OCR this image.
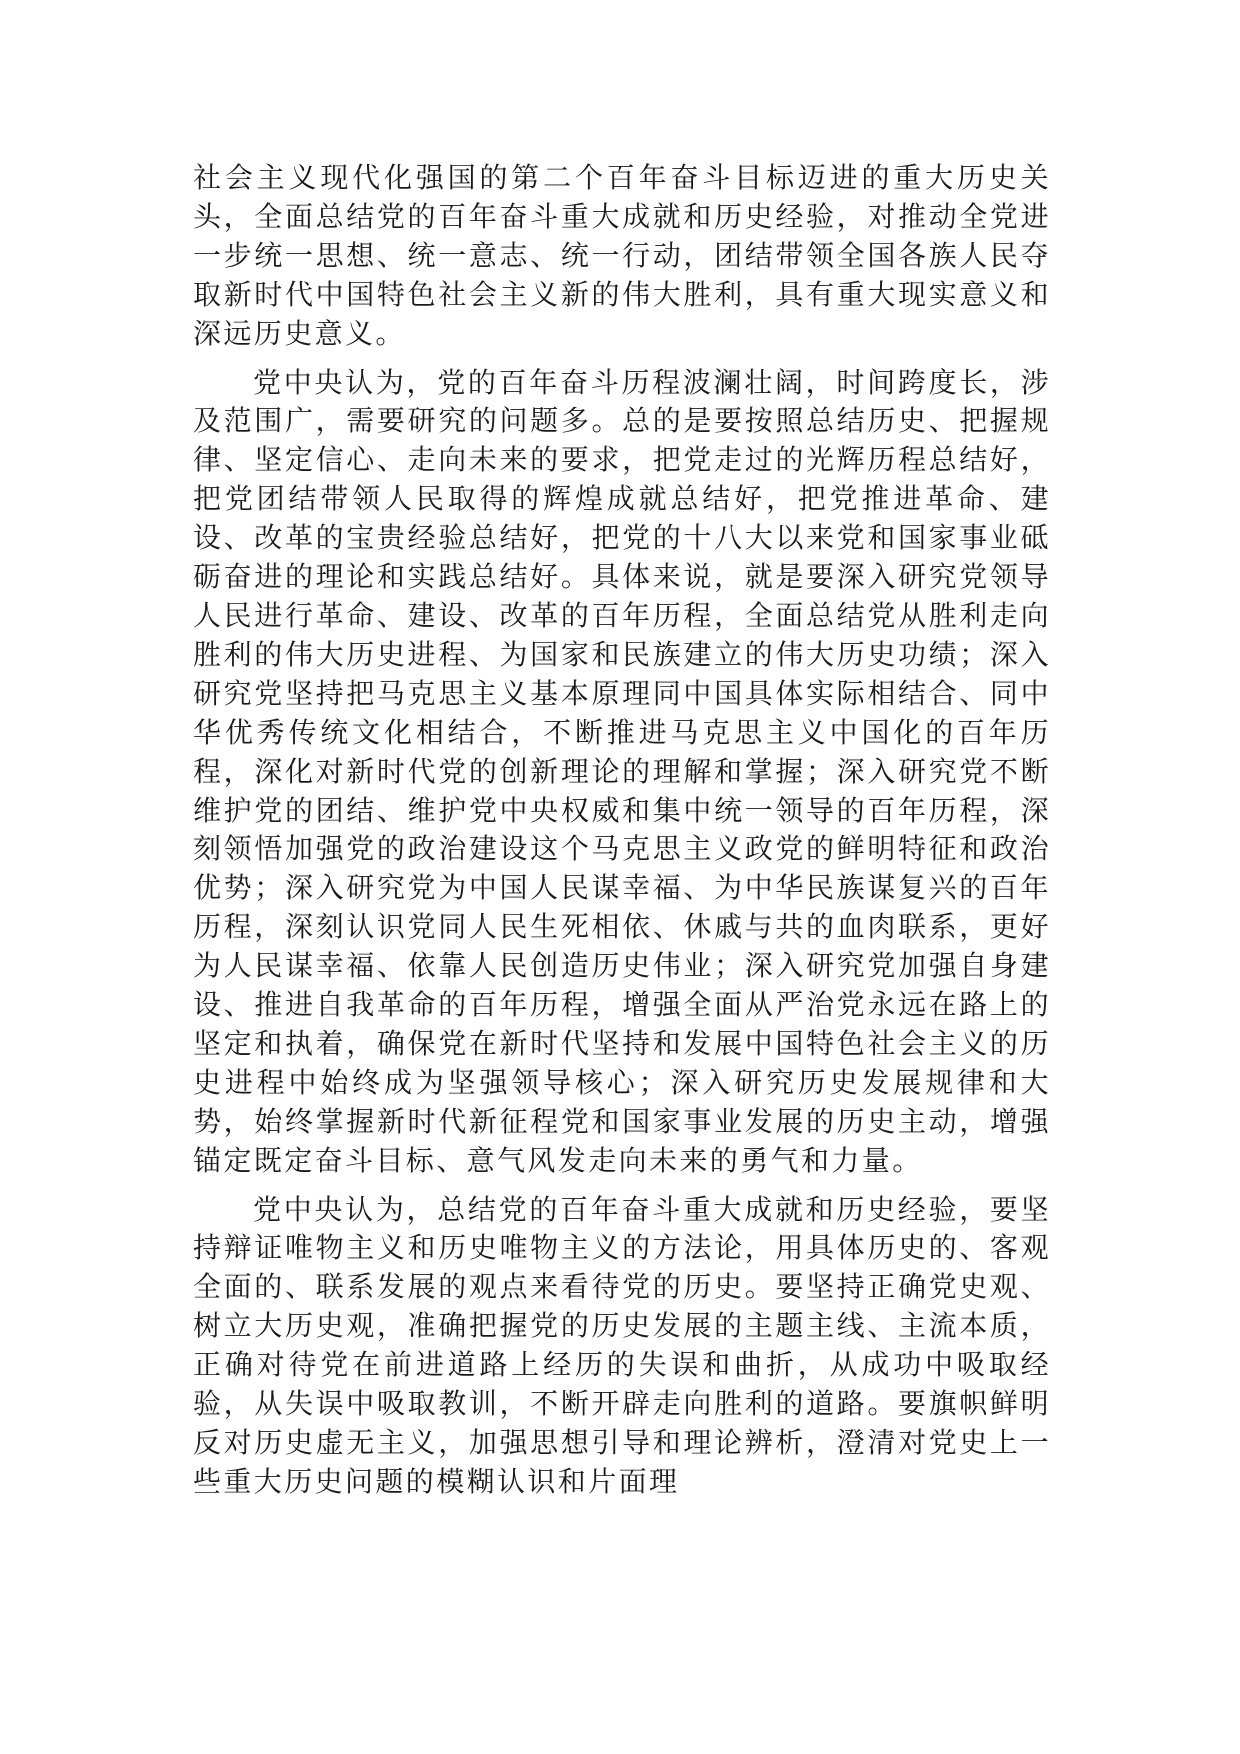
社会主义现代化强国的第二个百年奋斗目标迈进的重大历史关头，全面总结党的百年奋斗重大成就和历史经验，对推动全党进一步统一思想、统一意志、统一行动，团结带领全国各族人民夺取新时代中国特色社会主义新的伟大胜利，具有重大现实意义和深远历史意义。

党中央认为，党的百年奋斗历程波澜壮阔，时间跨度长，涉及范围广，需要研究的问题多。总的是要按照总结历史、把握规律、坚定信心、走向未来的要求，把党走过的光辉历程总结好，把党团结带领人民取得的辉煌成就总结好，把党推进革命、建设、改革的宝贵经验总结好，把党的十八大以来党和国家事业砥砺奋进的理论和实践总结好。具体来说，就是要深入研究党领导人民进行革命、建设、改革的百年历程，全面总结党从胜利走向胜利的伟大历史进程、为国家和民族建立的伟大历史功绩；深入研究党坚持把马克思主义基本原理同中国具体实际相结合、同中华优秀传统文化相结合，不断推进马克思主义中国化的百年历程，深化对新时代党的创新理论的理解和掌握；深入研究党不断维护党的团结、维护党中央权威和集中统一领导的百年历程，深刻领悟加强党的政治建设这个马克思主义政党的鲜明特征和政治优势；深入研究党为中国人民谋幸福、为中华民族谋复兴的百年历程，深刻认识党同人民生死相依、休戚与共的血肉联系，更好为人民谋幸福、依靠人民创造历史伟业；深入研究党加强自身建设、推进自我革命的百年历程，增强全面从严治党永远在路上的坚定和执着，确保党在新时代坚持和发展中国特色社会主义的历史进程中始终成为坚强领导核心；深入研究历史发展规律和大势，始终掌握新时代新征程党和国家事业发展的历史主动，增强锚定既定奋斗目标、意气风发走向未来的勇气和力量。

党中央认为，总结党的百年奋斗重大成就和历史经验，要坚持辩证唯物主义和历史唯物主义的方法论，用具体历史的、客观全面的、联系发展的观点来看待党的历史。要坚持正确党史观、树立大历史观，准确把握党的历史发展的主题主线、主流本质，正确对待党在前进道路上经历的失误和曲折，从成功中吸取经验，从失误中吸取教训，不断开辟走向胜利的道路。要旗帜鲜明反对历史虚无主义，加强思想引导和理论辨析，澄清对党史上一些重大历史问题的模糊认识和片面理
